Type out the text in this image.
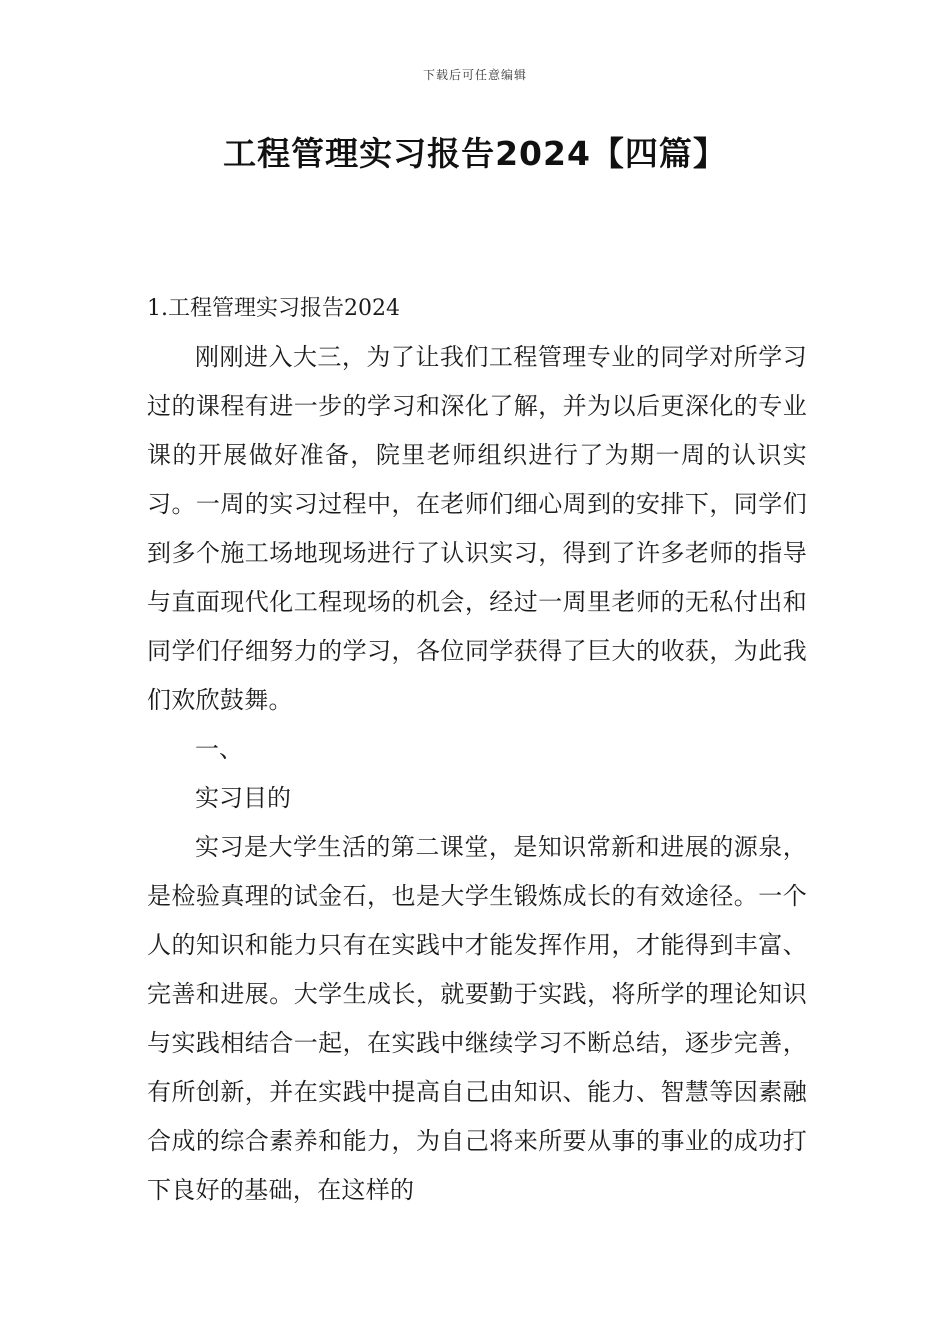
下载后可任意编辑
工程管理实习报告2024【四篇】

1.工程管理实习报告2024

刚刚进入大三，为了让我们工程管理专业的同学对所学习过的课程有进一步的学习和深化了解，并为以后更深化的专业课的开展做好准备，院里老师组织进行了为期一周的认识实习。一周的实习过程中，在老师们细心周到的安排下，同学们到多个施工场地现场进行了认识实习，得到了许多老师的指导与直面现代化工程现场的机会，经过一周里老师的无私付出和同学们仔细努力的学习，各位同学获得了巨大的收获，为此我们欢欣鼓舞。

一、

实习目的

实习是大学生活的第二课堂，是知识常新和进展的源泉，是检验真理的试金石，也是大学生锻炼成长的有效途径。一个人的知识和能力只有在实践中才能发挥作用，才能得到丰富、完善和进展。大学生成长，就要勤于实践，将所学的理论知识与实践相结合一起，在实践中继续学习不断总结，逐步完善，有所创新，并在实践中提高自己由知识、能力、智慧等因素融合成的综合素养和能力，为自己将来所要从事的事业的成功打下良好的基础，在这样的
